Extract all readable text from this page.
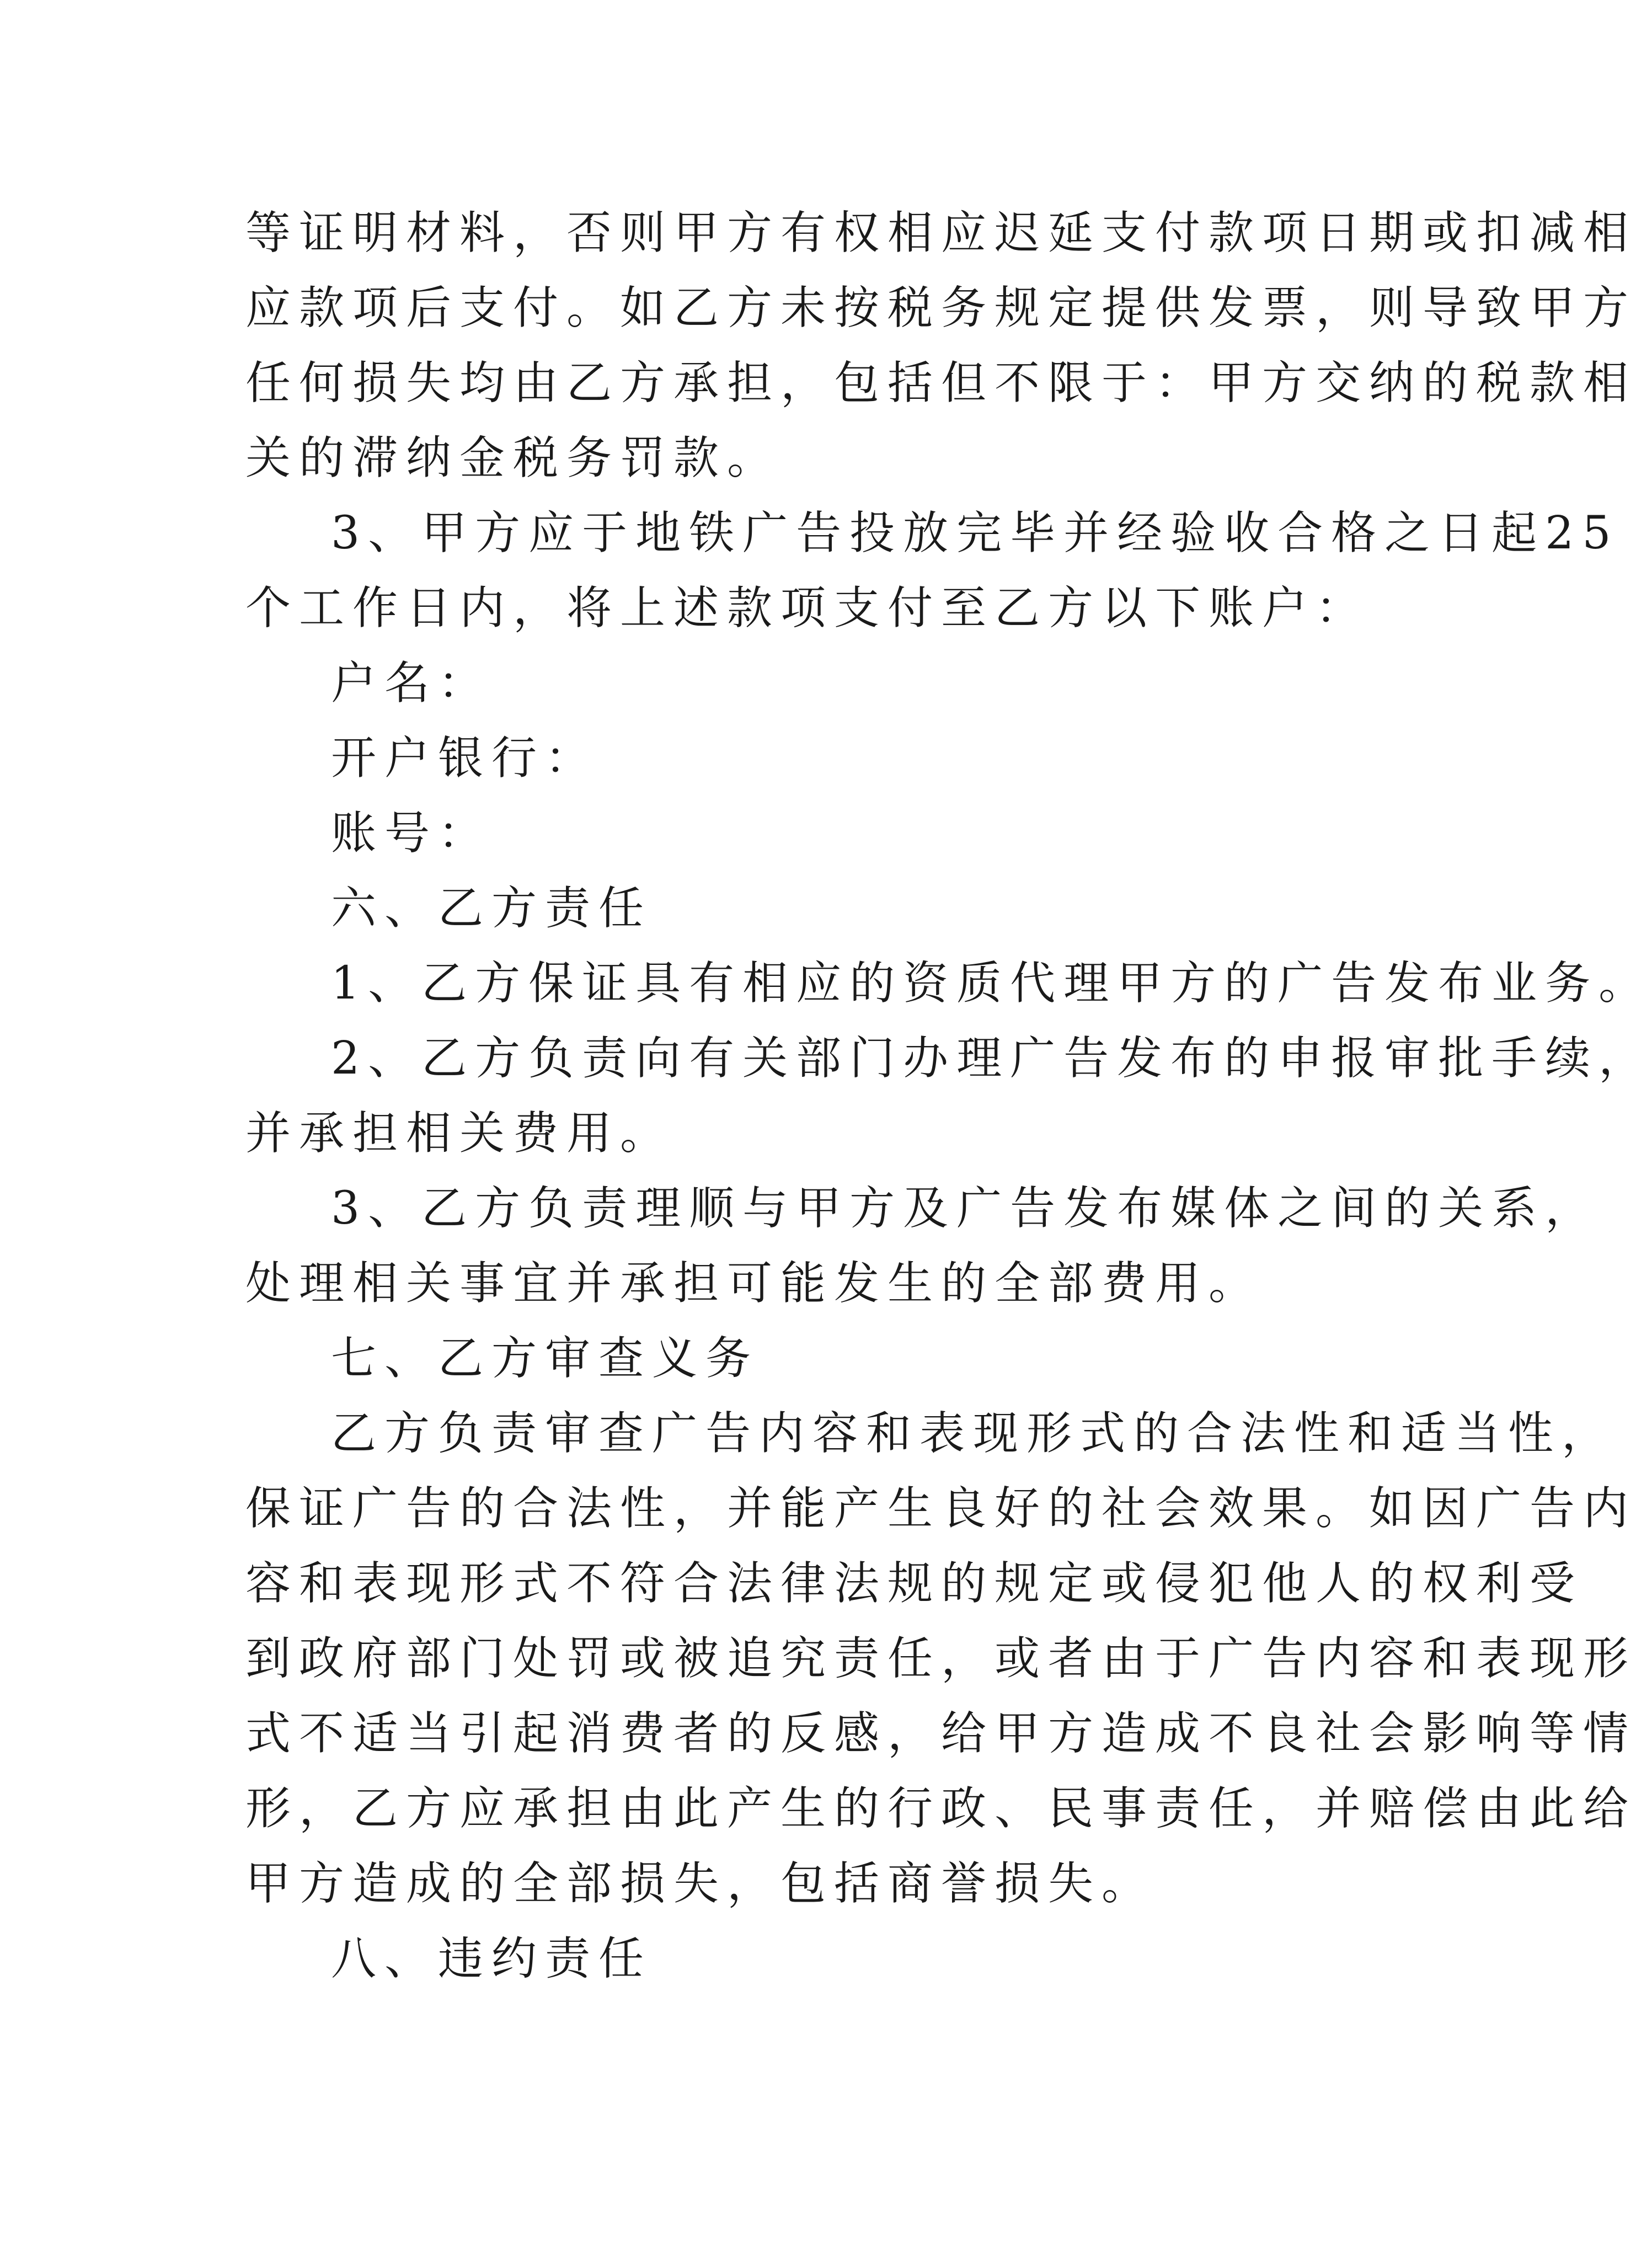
等证明材料，否则甲方有权相应迟延支付款项日期或扣减相
应款项后支付。如乙方未按税务规定提供发票，则导致甲方
任何损失均由乙方承担，包括但不限于：甲方交纳的税款相
关的滞纳金税务罚款。
3、甲方应于地铁广告投放完毕并经验收合格之日起25
个工作日内，将上述款项支付至乙方以下账户：
户名：
开户银行：
账号：
六、乙方责任
1、乙方保证具有相应的资质代理甲方的广告发布业务。
2、乙方负责向有关部门办理广告发布的申报审批手续，
并承担相关费用。
3、乙方负责理顺与甲方及广告发布媒体之间的关系，
处理相关事宜并承担可能发生的全部费用。
七、乙方审查义务
乙方负责审查广告内容和表现形式的合法性和适当性，
保证广告的合法性，并能产生良好的社会效果。如因广告内
容和表现形式不符合法律法规的规定或侵犯他人的权利受
到政府部门处罚或被追究责任，或者由于广告内容和表现形
式不适当引起消费者的反感，给甲方造成不良社会影响等情
形，乙方应承担由此产生的行政、民事责任，并赔偿由此给
甲方造成的全部损失，包括商誉损失。
八、违约责任
